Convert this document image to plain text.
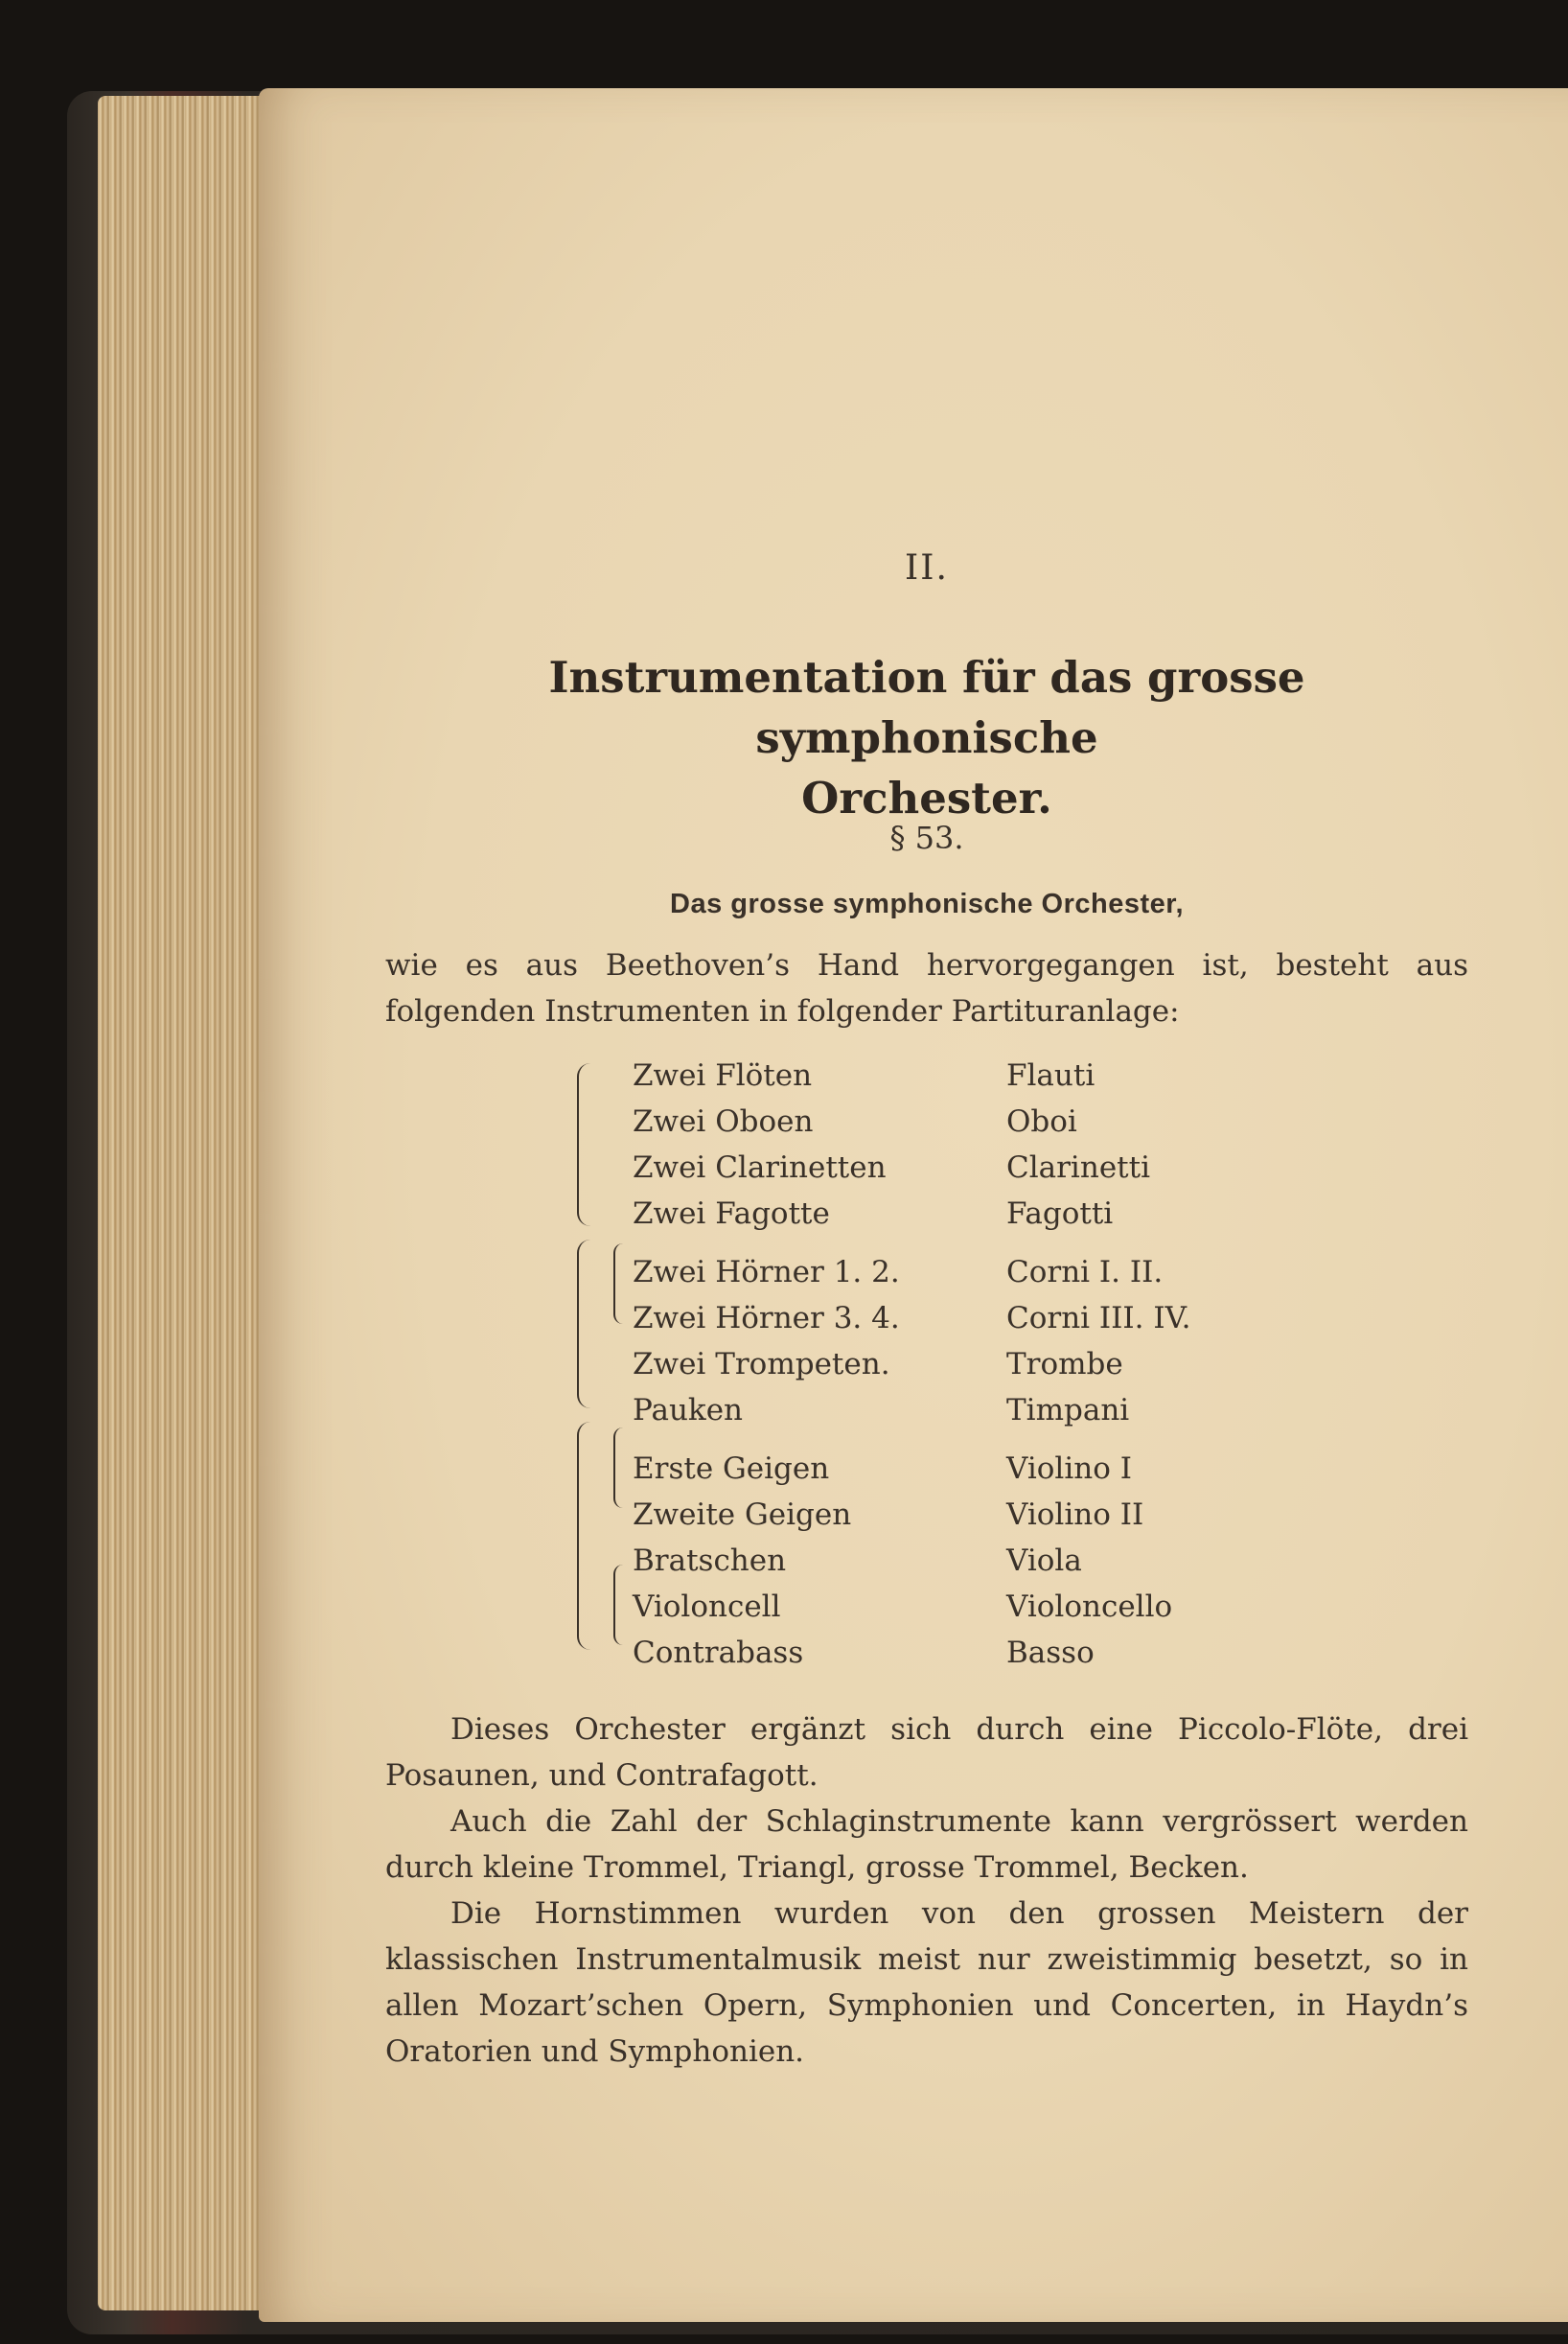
II.
Instrumentation für das grosse symphonische
Orchester.
§ 53.
Das grosse symphonische Orchester,
wie es aus Beethoven’s Hand hervorgegangen ist, besteht aus folgenden Instrumenten in folgender Partituranlage:
Zwei Flöten	Flauti
Zwei Oboen	Oboi
Zwei Clarinetten	Clarinetti
Zwei Fagotte	Fagotti
Zwei Hörner 1. 2.	Corni I. II.
Zwei Hörner 3. 4.	Corni III. IV.
Zwei Trompeten.	Trombe
Pauken	Timpani
Erste Geigen	Violino I
Zweite Geigen	Violino II
Bratschen	Viola
Violoncell	Violoncello
Contrabass	Basso

Dieses Orchester ergänzt sich durch eine Piccolo-Flöte, drei Posaunen, und Contrafagott.

Auch die Zahl der Schlaginstrumente kann vergrössert werden durch kleine Trommel, Triangl, grosse Trommel, Becken.

Die Hornstimmen wurden von den grossen Meistern der klassischen Instrumentalmusik meist nur zweistimmig besetzt, so in allen Mozart’schen Opern, Symphonien und Concerten, in Haydn’s Oratorien und Symphonien.
